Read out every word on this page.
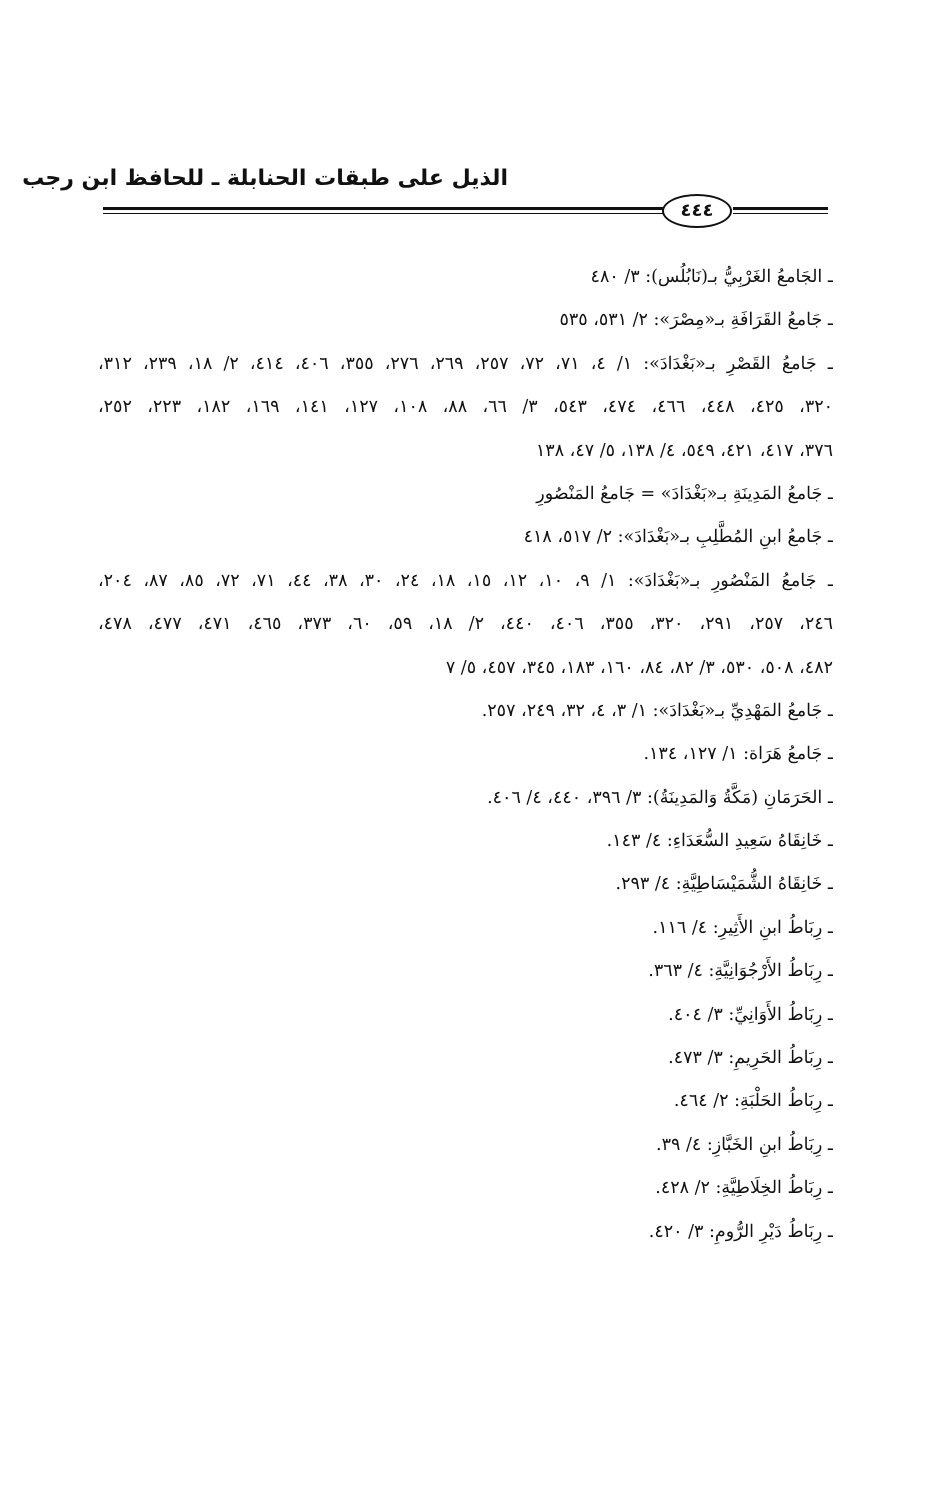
الذيل على طبقات الحنابلة ـ للحافظ ابن رجب
٤٤٤
ـ الجَامعُ الغَرْبِيُّ بـ(نَابُلُس): ٣/ ٤٨٠
ـ جَامعُ القَرَافَةِ بـ«مِصْرَ»: ٢/ ٥٣١، ٥٣٥
ـ جَامعُ القَصْرِ بـ«بَغْدَادَ»: ١/ ٤، ٧١، ٧٢، ٢٥٧، ٢٦٩، ٢٧٦، ٣٥٥، ٤٠٦، ٤١٤، ٢/ ١٨، ٢٣٩، ٣١٢،
٣٢٠، ٤٢٥، ٤٤٨، ٤٦٦، ٤٧٤، ٥٤٣، ٣/ ٦٦، ٨٨، ١٠٨، ١٢٧، ١٤١، ١٦٩، ١٨٢، ٢٢٣، ٢٥٢،
٣٧٦، ٤١٧، ٤٢١، ٥٤٩، ٤/ ١٣٨، ٥/ ٤٧، ١٣٨
ـ جَامعُ المَدِينَةِ بـ«بَغْدَادَ» = جَامعُ المَنْصُورِ
ـ جَامعُ ابنِ المُطَّلِبِ بـ«بَغْدَادَ»: ٢/ ٥١٧، ٤١٨
ـ جَامعُ المَنْصُورِ بـ«بَغْدَادَ»: ١/ ٩، ١٠، ١٢، ١٥، ١٨، ٢٤، ٣٠، ٣٨، ٤٤، ٧١، ٧٢، ٨٥، ٨٧، ٢٠٤،
٢٤٦، ٢٥٧، ٢٩١، ٣٢٠، ٣٥٥، ٤٠٦، ٤٤٠، ٢/ ١٨، ٥٩، ٦٠، ٣٧٣، ٤٦٥، ٤٧١، ٤٧٧، ٤٧٨،
٤٨٢، ٥٠٨، ٥٣٠، ٣/ ٨٢، ٨٤، ١٦٠، ١٨٣، ٣٤٥، ٤٥٧، ٥/ ٧
ـ جَامعُ المَهْدِيِّ بـ«بَغْدَادَ»: ١/ ٣، ٤، ٣٢، ٢٤٩، ٢٥٧.
ـ جَامعُ هَرَاة: ١/ ١٢٧، ١٣٤.
ـ الحَرَمَانِ (مَكَّةُ وَالمَدِينَةُ): ٣/ ٣٩٦، ٤٤٠، ٤/ ٤٠٦.
ـ خَانِقَاهُ سَعِيدِ السُّعَدَاءِ: ٤/ ١٤٣.
ـ خَانِقَاهُ الشُّمَيْسَاطِيَّةِ: ٤/ ٢٩٣.
ـ رِبَاطُ ابنِ الأَثِيرِ: ٤/ ١١٦.
ـ رِبَاطُ الأَرْجُوَانِيَّةِ: ٤/ ٣٦٣.
ـ رِبَاطُ الأَوَانِيِّ: ٣/ ٤٠٤.
ـ رِبَاطُ الحَرِيمِ: ٣/ ٤٧٣.
ـ رِبَاطُ الحَلْبَةِ: ٢/ ٤٦٤.
ـ رِبَاطُ ابنِ الخَبَّازِ: ٤/ ٣٩.
ـ رِبَاطُ الخِلَاطِيَّةِ: ٢/ ٤٢٨.
ـ رِبَاطُ دَيْرِ الرُّومِ: ٣/ ٤٢٠.
